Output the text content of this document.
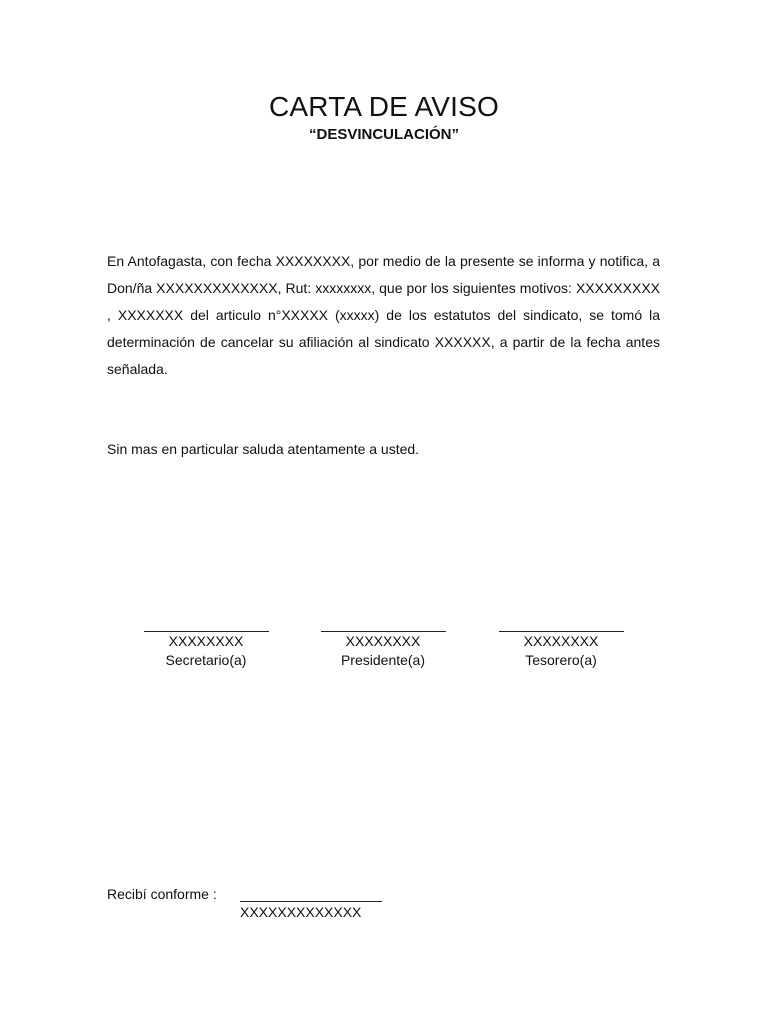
CARTA DE AVISO
“DESVINCULACIÓN”
En Antofagasta, con fecha XXXXXXXX, por medio de la presente se informa y notifica, a Don/ña XXXXXXXXXXXXX, Rut: xxxxxxxx, que por los siguientes motivos: XXXXXXXXX , XXXXXXX del articulo n°XXXXX (xxxxx) de los estatutos del sindicato, se tomó la determinación de cancelar su afiliación al sindicato XXXXXX, a partir de la fecha antes señalada.
Sin mas en particular saluda atentamente a usted.
XXXXXXXX
Secretario(a)
XXXXXXXX
Presidente(a)
XXXXXXXX
Tesorero(a)
Recibí conforme :
XXXXXXXXXXXXX
